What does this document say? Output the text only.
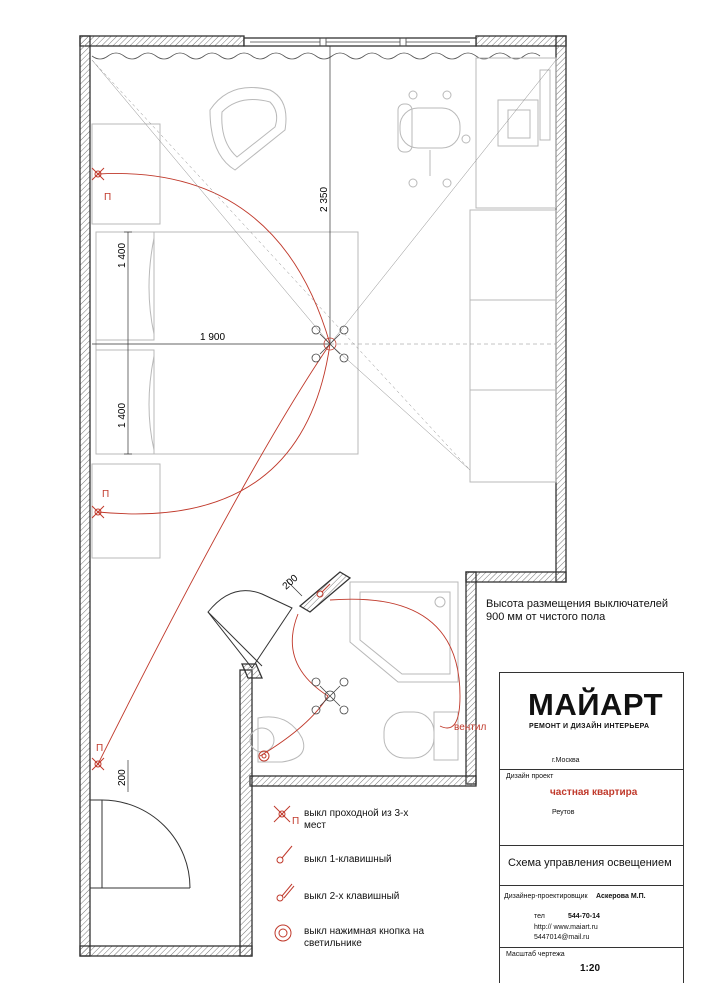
2 350
1 900
1 400
1 400
200
200
П
П
П
вентил
П
Высота размещения выключателей
900 мм от чистого пола
выкл проходной из 3-х мест
выкл 1-клавишный
выкл 2-х клавишный
выкл нажимная кнопка на светильнике
МАЙАРТ
РЕМОНТ И ДИЗАЙН ИНТЕРЬЕРА
г.Москва
Дизайн проект
частная квартира
Реутов
Схема управления освещением
Дизайнер-проектировщик Аскерова М.П.
тел	544-70-14
http:// www.maiart.ru
5447014@mail.ru
Масштаб чертежа
1:20
